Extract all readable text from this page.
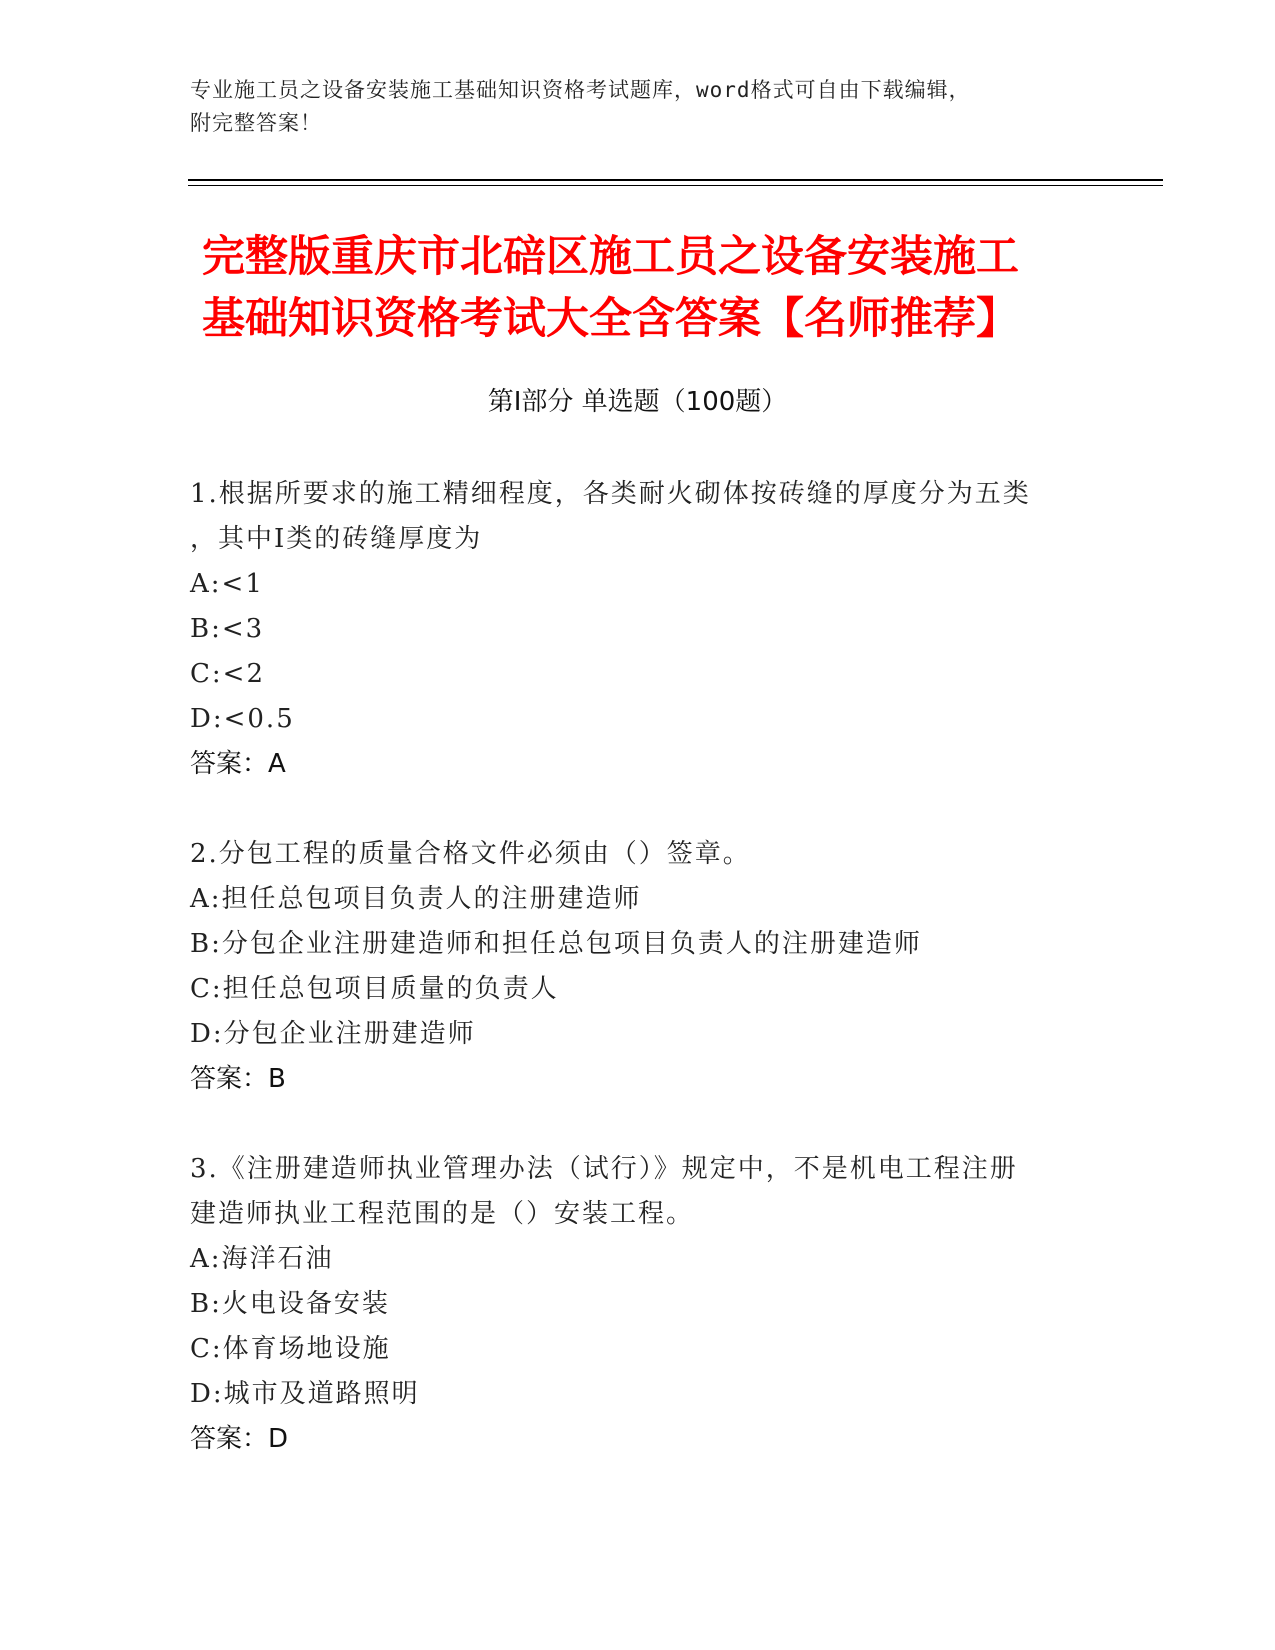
专业施工员之设备安装施工基础知识资格考试题库，word格式可自由下载编辑，
附完整答案！
完整版重庆市北碚区施工员之设备安装施工
基础知识资格考试大全含答案【名师推荐】
第Ⅰ部分 单选题（100题）
1.根据所要求的施工精细程度，各类耐火砌体按砖缝的厚度分为五类
，其中Ⅰ类的砖缝厚度为
A:<1
B:<3
C:<2
D:<0.5
答案：A
2.分包工程的质量合格文件必须由（）签章。
A:担任总包项目负责人的注册建造师
B:分包企业注册建造师和担任总包项目负责人的注册建造师
C:担任总包项目质量的负责人
D:分包企业注册建造师
答案：B
3.《注册建造师执业管理办法（试行）》规定中，不是机电工程注册
建造师执业工程范围的是（）安装工程。
A:海洋石油
B:火电设备安装
C:体育场地设施
D:城市及道路照明
答案：D
